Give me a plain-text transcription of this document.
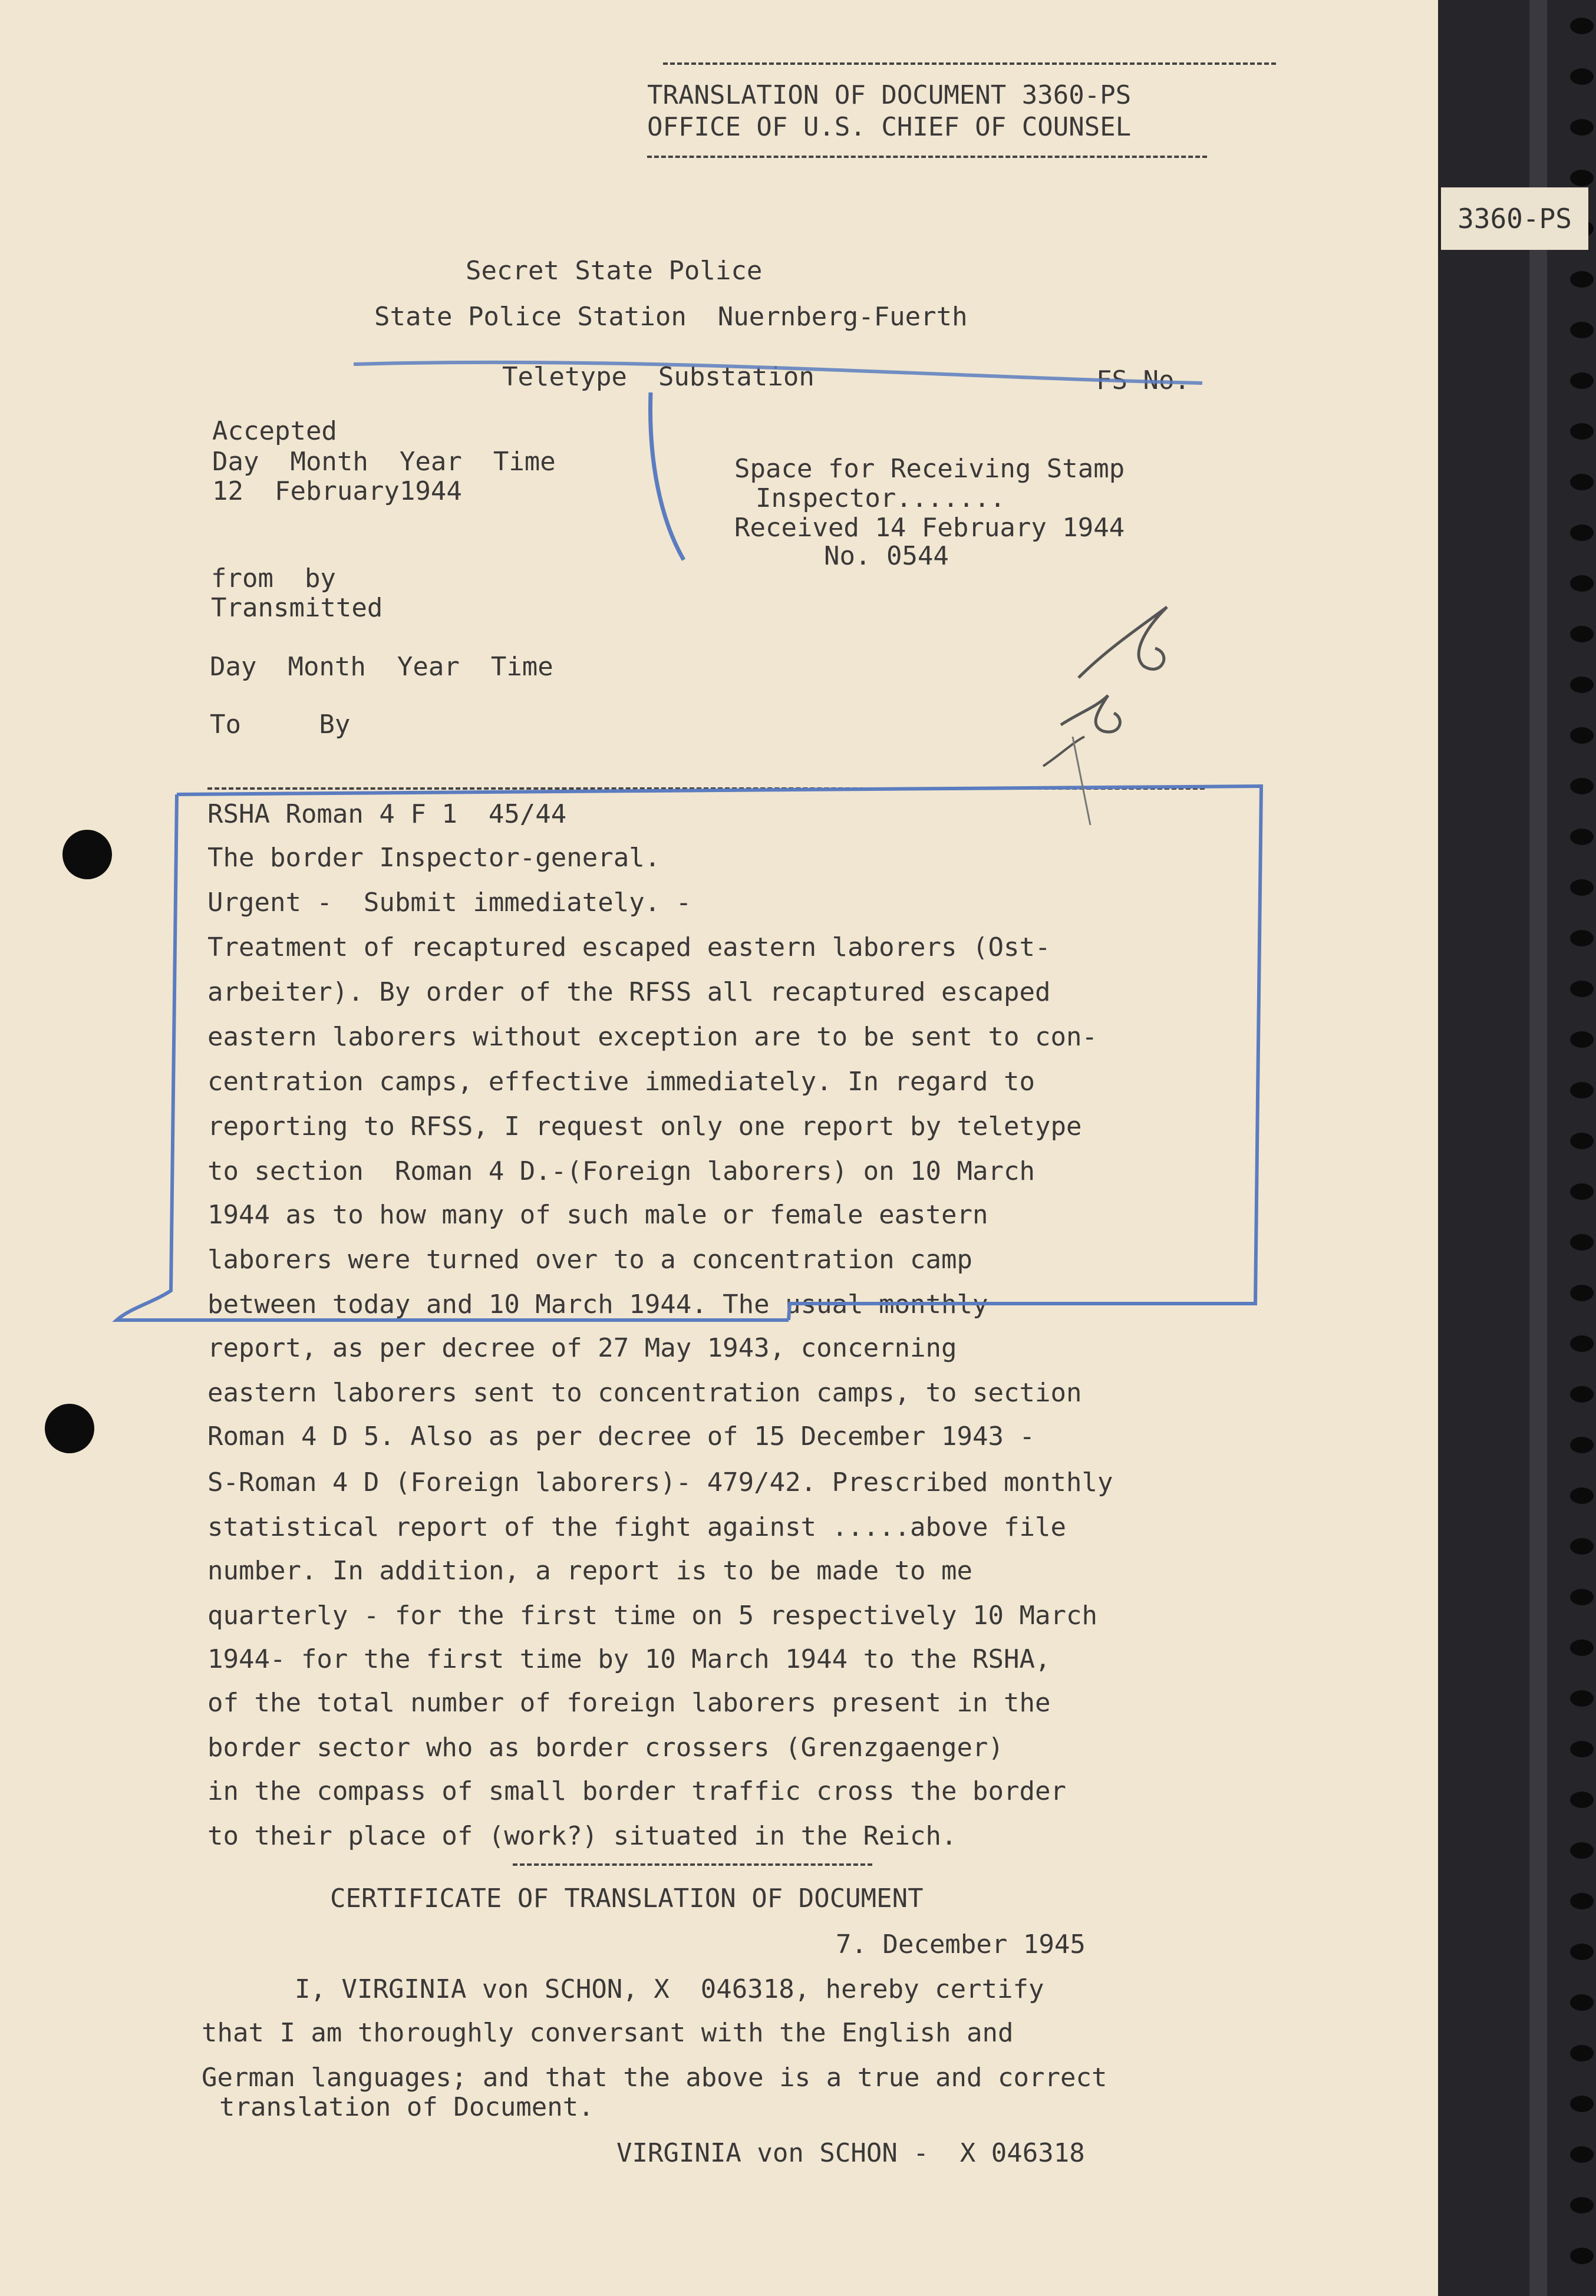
TRANSLATION OF DOCUMENT 3360-PS
OFFICE OF U.S. CHIEF OF COUNSEL
Secret State Police
State Police Station  Nuernberg-Fuerth
Teletype  Substation	FS No.
Accepted
Day  Month  Year  Time
12  February1944
Space for Receiving Stamp
Inspector.......
Received 14 February 1944
No. 0544
from  by
Transmitted
Day  Month  Year  Time
To     By
RSHA Roman 4 F 1  45/44
The border Inspector-general.
Urgent -  Submit immediately. -
Treatment of recaptured escaped eastern laborers (Ost-
arbeiter). By order of the RFSS all recaptured escaped
eastern laborers without exception are to be sent to con-
centration camps, effective immediately. In regard to
reporting to RFSS, I request only one report by teletype
to section  Roman 4 D.-(Foreign laborers) on 10 March
1944 as to how many of such male or female eastern
laborers were turned over to a concentration camp
between today and 10 March 1944. The usual monthly
report, as per decree of 27 May 1943, concerning
eastern laborers sent to concentration camps, to section
Roman 4 D 5. Also as per decree of 15 December 1943 -
S-Roman 4 D (Foreign laborers)- 479/42. Prescribed monthly
statistical report of the fight against .....above file
number. In addition, a report is to be made to me
quarterly - for the first time on 5 respectively 10 March
1944- for the first time by 10 March 1944 to the RSHA,
of the total number of foreign laborers present in the
border sector who as border crossers (Grenzgaenger)
in the compass of small border traffic cross the border
to their place of (work?) situated in the Reich.
CERTIFICATE OF TRANSLATION OF DOCUMENT
7. December 1945
I, VIRGINIA von SCHON, X  046318, hereby certify
that I am thoroughly conversant with the English and
German languages; and that the above is a true and correct
translation of Document.
VIRGINIA von SCHON -  X 046318
3360-PS
